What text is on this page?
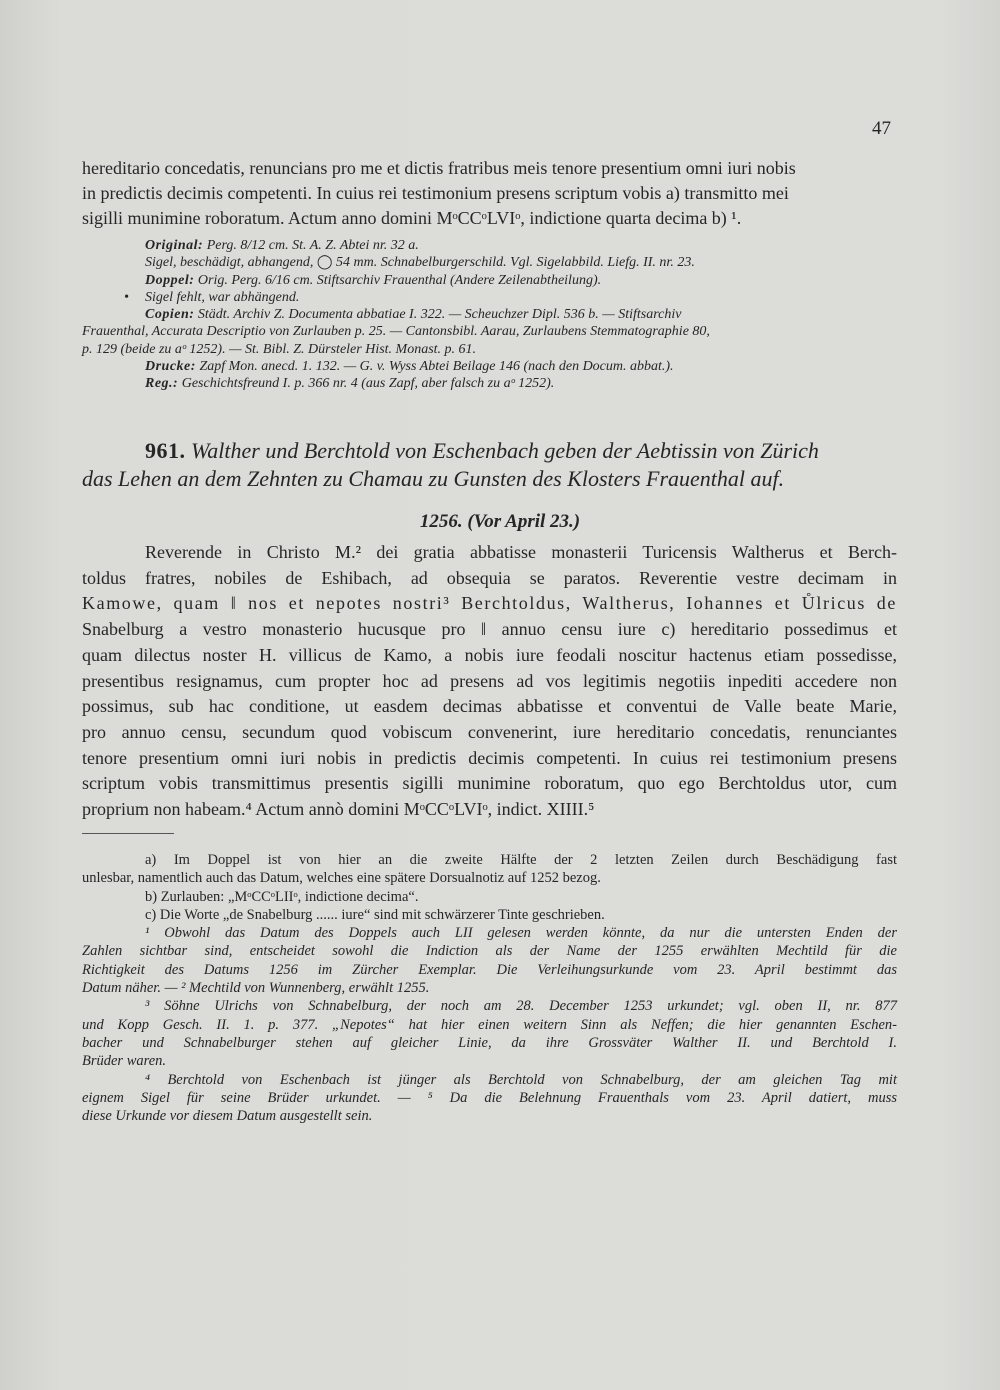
47
hereditario concedatis, renuncians pro me et dictis fratribus meis tenore presentium omni iuri nobis
in predictis decimis competenti. In cuius rei testimonium presens scriptum vobis a) transmitto mei
sigilli munimine roboratum. Actum anno domini MᵒCCᵒLVIᵒ, indictione quarta decima b) ¹.
Original: Perg. 8/12 cm. St. A. Z. Abtei nr. 32 a.
Sigel, beschädigt, abhangend, ◯ 54 mm. Schnabelburgerschild. Vgl. Sigelabbild. Liefg. II. nr. 23.
Doppel: Orig. Perg. 6/16 cm. Stiftsarchiv Frauenthal (Andere Zeilenabtheilung).
• Sigel fehlt, war abhängend.
Copien: Städt. Archiv Z. Documenta abbatiae I. 322. — Scheuchzer Dipl. 536 b. — Stiftsarchiv
Frauenthal, Accurata Descriptio von Zurlauben p. 25. — Cantonsbibl. Aarau, Zurlaubens Stemmatographie 80,
p. 129 (beide zu aᵒ 1252). — St. Bibl. Z. Dürsteler Hist. Monast. p. 61.
Drucke: Zapf Mon. anecd. 1. 132. — G. v. Wyss Abtei Beilage 146 (nach den Docum. abbat.).
Reg.: Geschichtsfreund I. p. 366 nr. 4 (aus Zapf, aber falsch zu aᵒ 1252).
961. Walther und Berchtold von Eschenbach geben der Aebtissin von Zürich
das Lehen an dem Zehnten zu Chamau zu Gunsten des Klosters Frauenthal auf.
1256. (Vor April 23.)
Reverende in Christo M.² dei gratia abbatisse monasterii Turicensis Waltherus et Berch-
toldus fratres, nobiles de Eshibach, ad obsequia se paratos. Reverentie vestre decimam in
Kamowe, quam ‖ nos et nepotes nostri³ Berchtoldus, Waltherus, Iohannes et Ůlricus de
Snabelburg a vestro monasterio hucusque pro ‖ annuo censu iure c) hereditario possedimus et
quam dilectus noster H. villicus de Kamo, a nobis iure feodali noscitur hactenus etiam possedisse,
presentibus resignamus, cum propter hoc ad presens ad vos legitimis negotiis inpediti accedere non
possimus, sub hac conditione, ut easdem decimas abbatisse et conventui de Valle beate Marie,
pro annuo censu, secundum quod vobiscum convenerint, iure hereditario concedatis, renunciantes
tenore presentium omni iuri nobis in predictis decimis competenti. In cuius rei testimonium presens
scriptum vobis transmittimus presentis sigilli munimine roboratum, quo ego Berchtoldus utor, cum
proprium non habeam.⁴ Actum annò domini MᵒCCᵒLVIᵒ, indict. XIIII.⁵
a) Im Doppel ist von hier an die zweite Hälfte der 2 letzten Zeilen durch Beschädigung fast
unlesbar, namentlich auch das Datum, welches eine spätere Dorsualnotiz auf 1252 bezog.
b) Zurlauben: „MᵒCCᵒLIIᵒ, indictione decima“.
c) Die Worte „de Snabelburg ...... iure“ sind mit schwärzerer Tinte geschrieben.
¹ Obwohl das Datum des Doppels auch LII gelesen werden könnte, da nur die untersten Enden der
Zahlen sichtbar sind, entscheidet sowohl die Indiction als der Name der 1255 erwählten Mechtild für die
Richtigkeit des Datums 1256 im Zürcher Exemplar. Die Verleihungsurkunde vom 23. April bestimmt das
Datum näher. — ² Mechtild von Wunnenberg, erwählt 1255.
³ Söhne Ulrichs von Schnabelburg, der noch am 28. December 1253 urkundet; vgl. oben II, nr. 877
und Kopp Gesch. II. 1. p. 377. „Nepotes“ hat hier einen weitern Sinn als Neffen; die hier genannten Eschen-
bacher und Schnabelburger stehen auf gleicher Linie, da ihre Grossväter Walther II. und Berchtold I.
Brüder waren.
⁴ Berchtold von Eschenbach ist jünger als Berchtold von Schnabelburg, der am gleichen Tag mit
eignem Sigel für seine Brüder urkundet. — ⁵ Da die Belehnung Frauenthals vom 23. April datiert, muss
diese Urkunde vor diesem Datum ausgestellt sein.
